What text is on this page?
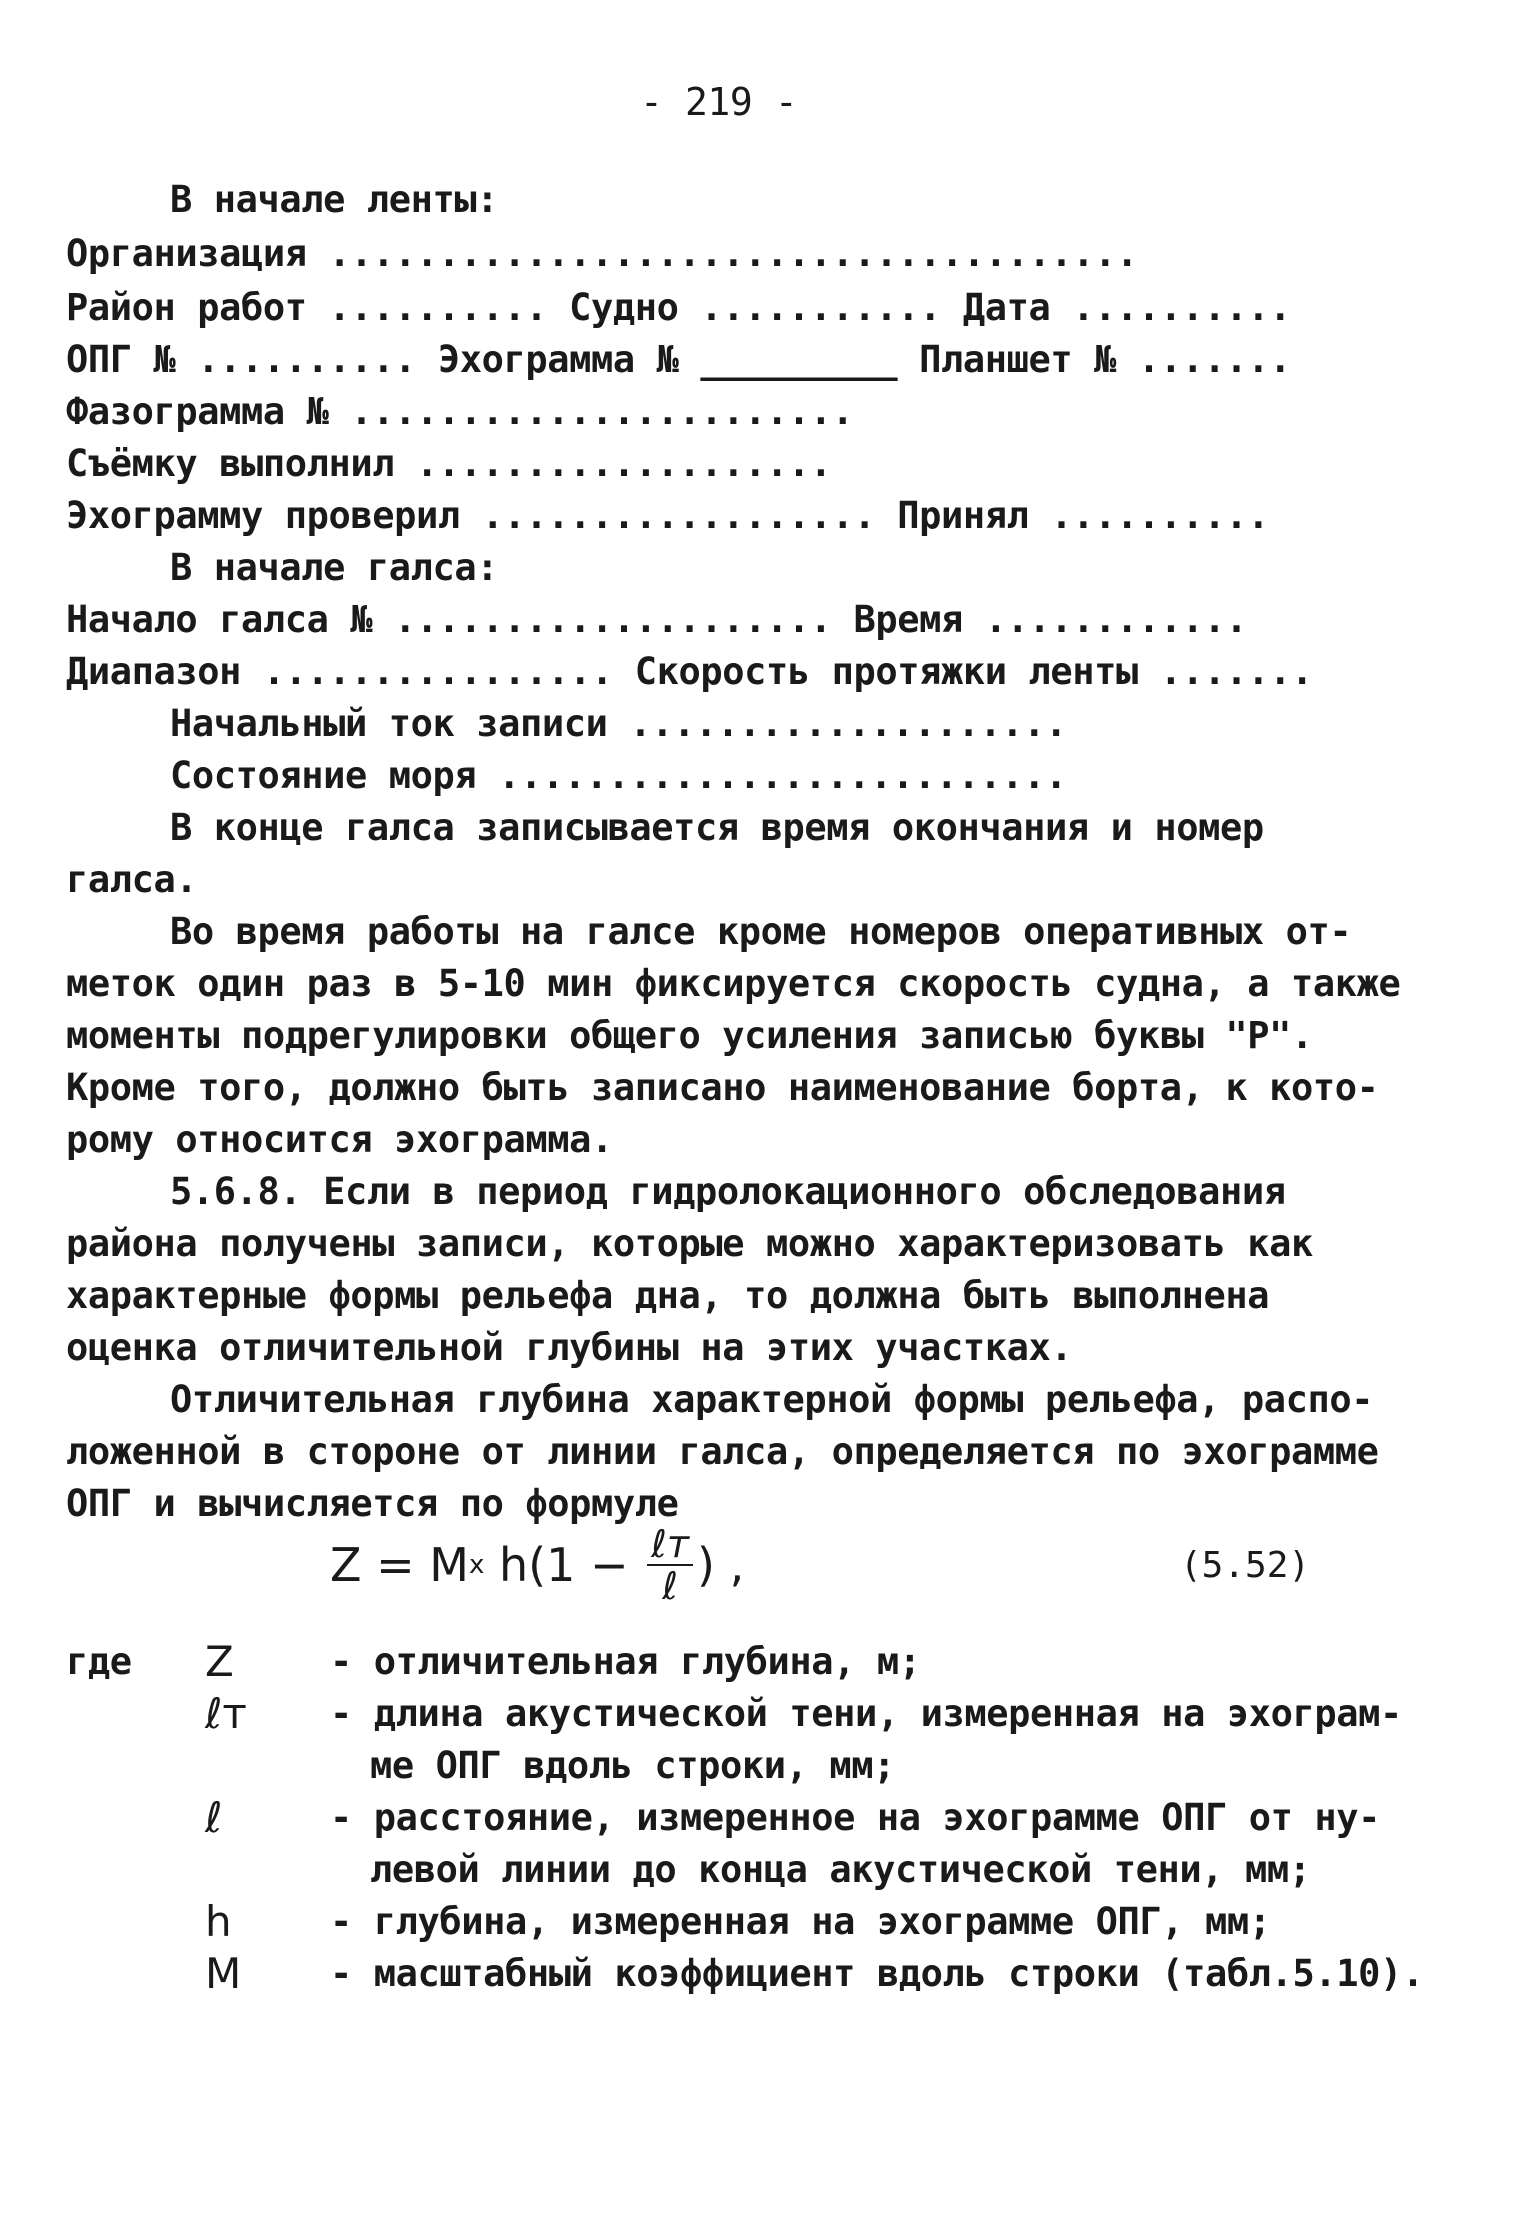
- 219 -
В начале ленты:
Организация .....................................
Район работ .......... Судно ........... Дата ..........
ОПГ № .......... Эхограмма № _________ Планшет № .......
Фазограмма № .......................
Съёмку выполнил ...................
Эхограмму проверил .................. Принял ..........
В начале галса:
Начало галса № .................... Время ............
Диапазон ................ Скорость протяжки ленты .......
Начальный ток записи ....................
Состояние моря ..........................
В конце галса записывается время окончания и номер
галса.
Во время работы на галсе кроме номеров оперативных от-
меток один раз в 5-10 мин фиксируется скорость судна, а также
моменты подрегулировки общего усиления записью буквы "Р".
Кроме того, должно быть записано наименование борта, к кото-
рому относится эхограмма.
5.6.8. Если в период гидролокационного обследования
района получены записи, которые можно характеризовать как
характерные формы рельефа дна, то должна быть выполнена
оценка отличительной глубины на этих участках.
Отличительная глубина характерной формы рельефа, распо-
ложенной в стороне от линии галса, определяется по эхограмме
ОПГ и вычисляется по формуле
Z = M x $h(1 - \frac{\text{ℓт}}{\text{ℓ}}$ ) ,	(5.52)
где Z	- отличительная глубина, м;
ℓт - длина акустической тени, измеренная на эхограм-
ме ОПГ вдоль строки, мм;
ℓ	- расстояние, измеренное на эхограмме ОПГ от ну-
левой линии до конца акустической тени, мм;
h	- глубина, измеренная на эхограмме ОПГ, мм;
M - масштабный коэффициент вдоль строки (табл.5.10).
